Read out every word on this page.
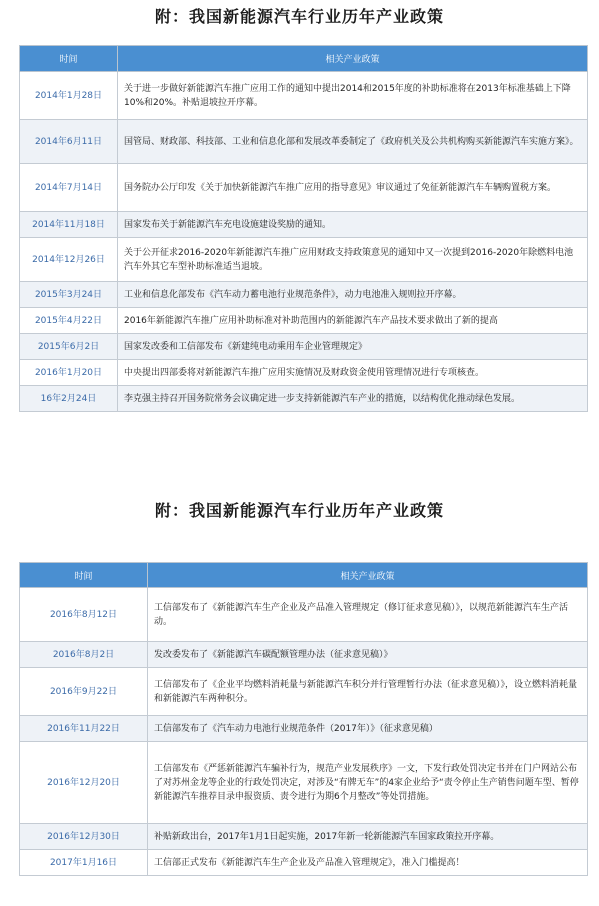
附：我国新能源汽车行业历年产业政策
时间	相关产业政策
2014年1月28日	关于进一步做好新能源汽车推广应用工作的通知中提出2014和2015年度的补助标准将在2013年标准基础上下降10%和20%。补贴退坡拉开序幕。
2014年6月11日	国管局、财政部、科技部、工业和信息化部和发展改革委制定了《政府机关及公共机构购买新能源汽车实施方案》。
2014年7月14日	国务院办公厅印发《关于加快新能源汽车推广应用的指导意见》审议通过了免征新能源汽车车辆购置税方案。
2014年11月18日	国家发布关于新能源汽车充电设施建设奖励的通知。
2014年12月26日	关于公开征求2016-2020年新能源汽车推广应用财政支持政策意见的通知中又一次提到2016-2020年除燃料电池汽车外其它车型补助标准适当退坡。
2015年3月24日	工业和信息化部发布《汽车动力蓄电池行业规范条件》，动力电池准入规则拉开序幕。
2015年4月22日	2016年新能源汽车推广应用补助标准对补助范围内的新能源汽车产品技术要求做出了新的提高
2015年6月2日	国家发改委和工信部发布《新建纯电动乘用车企业管理规定》
2016年1月20日	中央提出四部委将对新能源汽车推广应用实施情况及财政资金使用管理情况进行专项核查。
16年2月24日	李克强主持召开国务院常务会议确定进一步支持新能源汽车产业的措施，以结构优化推动绿色发展。
附：我国新能源汽车行业历年产业政策
时间	相关产业政策
2016年8月12日	工信部发布了《新能源汽车生产企业及产品准入管理规定（修订征求意见稿）》，以规范新能源汽车生产活动。
2016年8月2日	发改委发布了《新能源汽车碳配额管理办法（征求意见稿）》
2016年9月22日	工信部发布了《企业平均燃料消耗量与新能源汽车积分并行管理暂行办法（征求意见稿）》，设立燃料消耗量和新能源汽车两种积分。
2016年11月22日	工信部发布了《汽车动力电池行业规范条件（2017年）》（征求意见稿）
2016年12月20日	工信部发布《严惩新能源汽车骗补行为，规范产业发展秩序》一文，下发行政处罚决定书并在门户网站公布了对苏州金龙等企业的行政处罚决定，对涉及“有牌无车”的4家企业给予“责令停止生产销售问题车型、暂停新能源汽车推荐目录申报资质、责令进行为期6个月整改”等处罚措施。
2016年12月30日	补贴新政出台，2017年1月1日起实施，2017年新一轮新能源汽车国家政策拉开序幕。
2017年1月16日	工信部正式发布《新能源汽车生产企业及产品准入管理规定》，准入门槛提高！
